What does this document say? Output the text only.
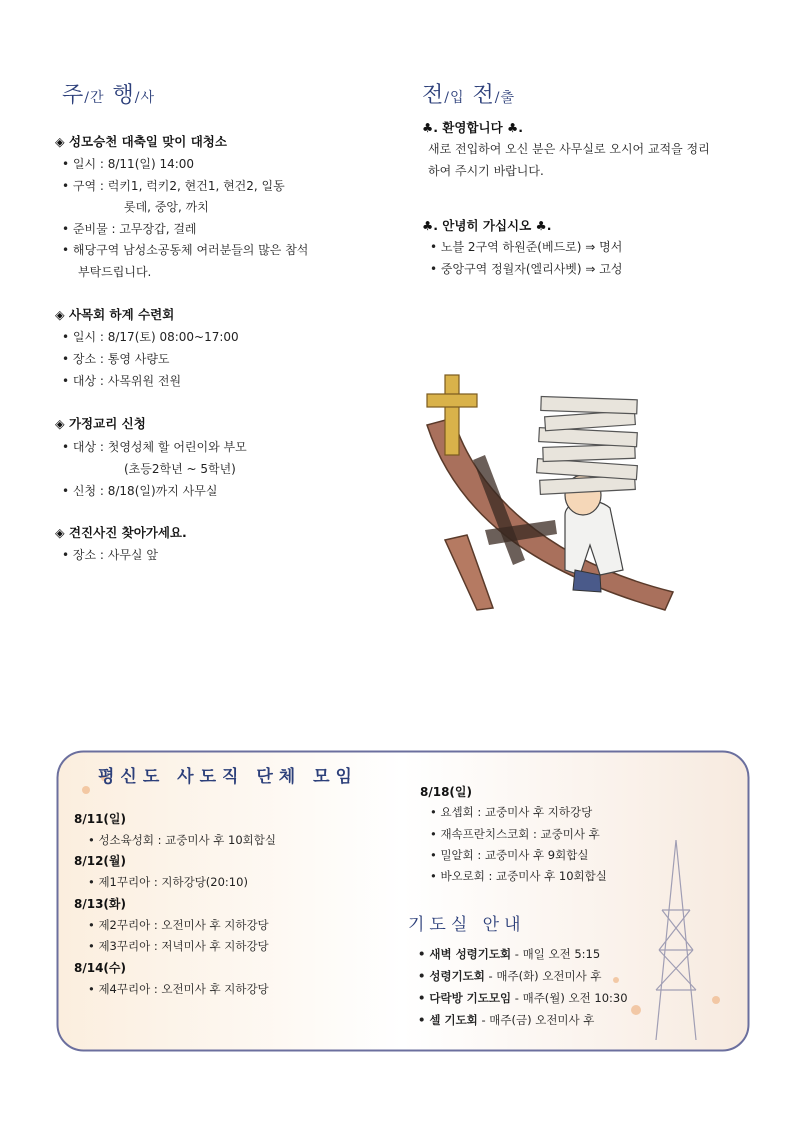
주/간 행/사
◈ 성모승천 대축일 맞이 대청소
• 일시 : 8/11(일) 14:00
• 구역 : 럭키1, 럭키2, 현건1, 현건2, 일동
롯데, 중앙, 까치
• 준비물 : 고무장갑, 걸레
• 해당구역 남성소공동체 여러분들의 많은 참석
부탁드립니다.
◈ 사목회 하계 수련회
• 일시 : 8/17(토) 08:00~17:00
• 장소 : 통영 사량도
• 대상 : 사목위원 전원
◈ 가정교리 신청
• 대상 : 첫영성체 할 어린이와 부모
(초등2학년 ~ 5학년)
• 신청 : 8/18(일)까지 사무실
◈ 견진사진 찾아가세요.
• 장소 : 사무실 앞
전/입 전/출
♣. 환영합니다 ♣.
새로 전입하여 오신 분은 사무실로 오시어 교적을 정리
하여 주시기 바랍니다.
♣. 안녕히 가십시오 ♣.
• 노블 2구역 하원준(베드로) ⇒ 명서
• 중앙구역 정월자(엘리사벳) ⇒ 고성
평신도 사도직 단체 모임
8/11(일)
• 성소육성회 : 교중미사 후 10회합실
8/12(월)
• 제1꾸리아 : 지하강당(20:10)
8/13(화)
• 제2꾸리아 : 오전미사 후 지하강당
• 제3꾸리아 : 저녁미사 후 지하강당
8/14(수)
• 제4꾸리아 : 오전미사 후 지하강당
8/18(일)
• 요셉회 : 교중미사 후 지하강당
• 재속프란치스코회 : 교중미사 후
• 밀알회 : 교중미사 후 9회합실
• 바오로회 : 교중미사 후 10회합실
기도실 안내
• 새벽 성령기도회 - 매일 오전 5:15
• 성령기도회 - 매주(화) 오전미사 후
• 다락방 기도모임 - 매주(월) 오전 10:30
• 셀 기도회 - 매주(금) 오전미사 후
